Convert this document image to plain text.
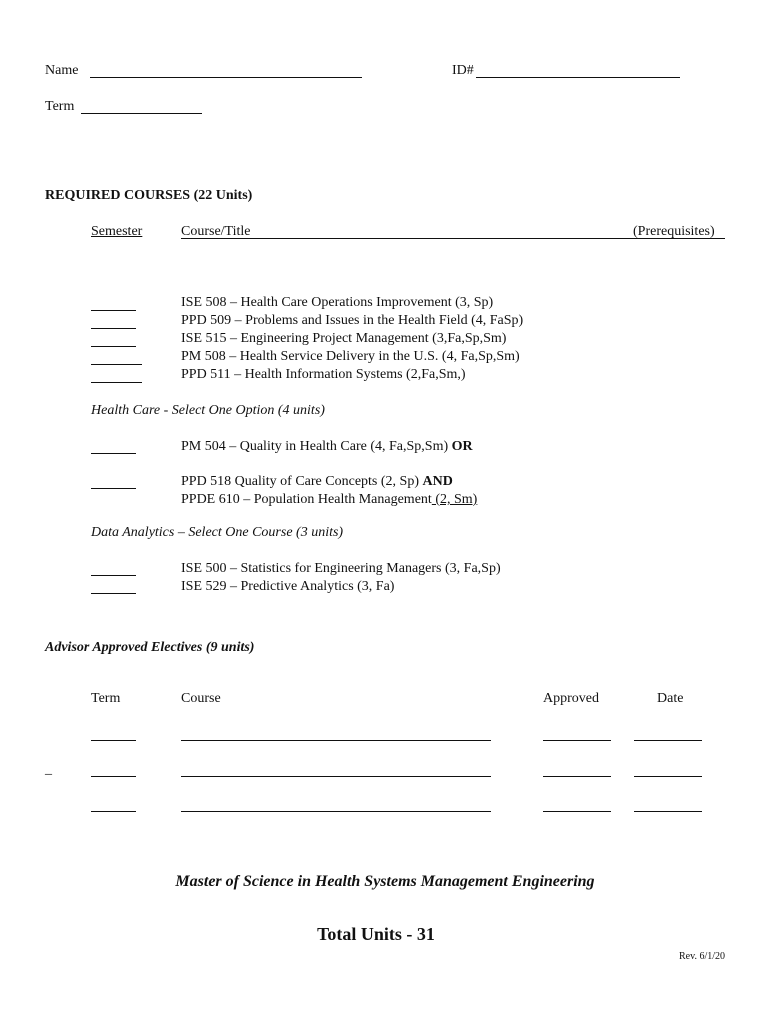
Name	ID#
Term
REQUIRED COURSES (22 Units)
Semester	Course/Title	(Prerequisites)
ISE 508 – Health Care Operations Improvement (3, Sp)
PPD 509 – Problems and Issues in the Health Field (4, FaSp)
ISE 515 – Engineering Project Management (3,Fa,Sp,Sm)
PM 508 – Health Service Delivery in the U.S. (4, Fa,Sp,Sm)
PPD 511 – Health Information Systems (2,Fa,Sm,)
Health Care - Select One Option (4 units)
PM 504 – Quality in Health Care (4, Fa,Sp,Sm) OR
PPD 518 Quality of Care Concepts (2, Sp) AND
PPDE 610 – Population Health Management (2, Sm)
Data Analytics – Select One Course (3 units)
ISE 500 – Statistics for Engineering Managers (3, Fa,Sp)
ISE 529 – Predictive Analytics (3, Fa)
Advisor Approved Electives (9 units)
Term	Course	Approved	Date
_
Master of Science in Health Systems Management Engineering
Total Units - 31
Rev. 6/1/20
